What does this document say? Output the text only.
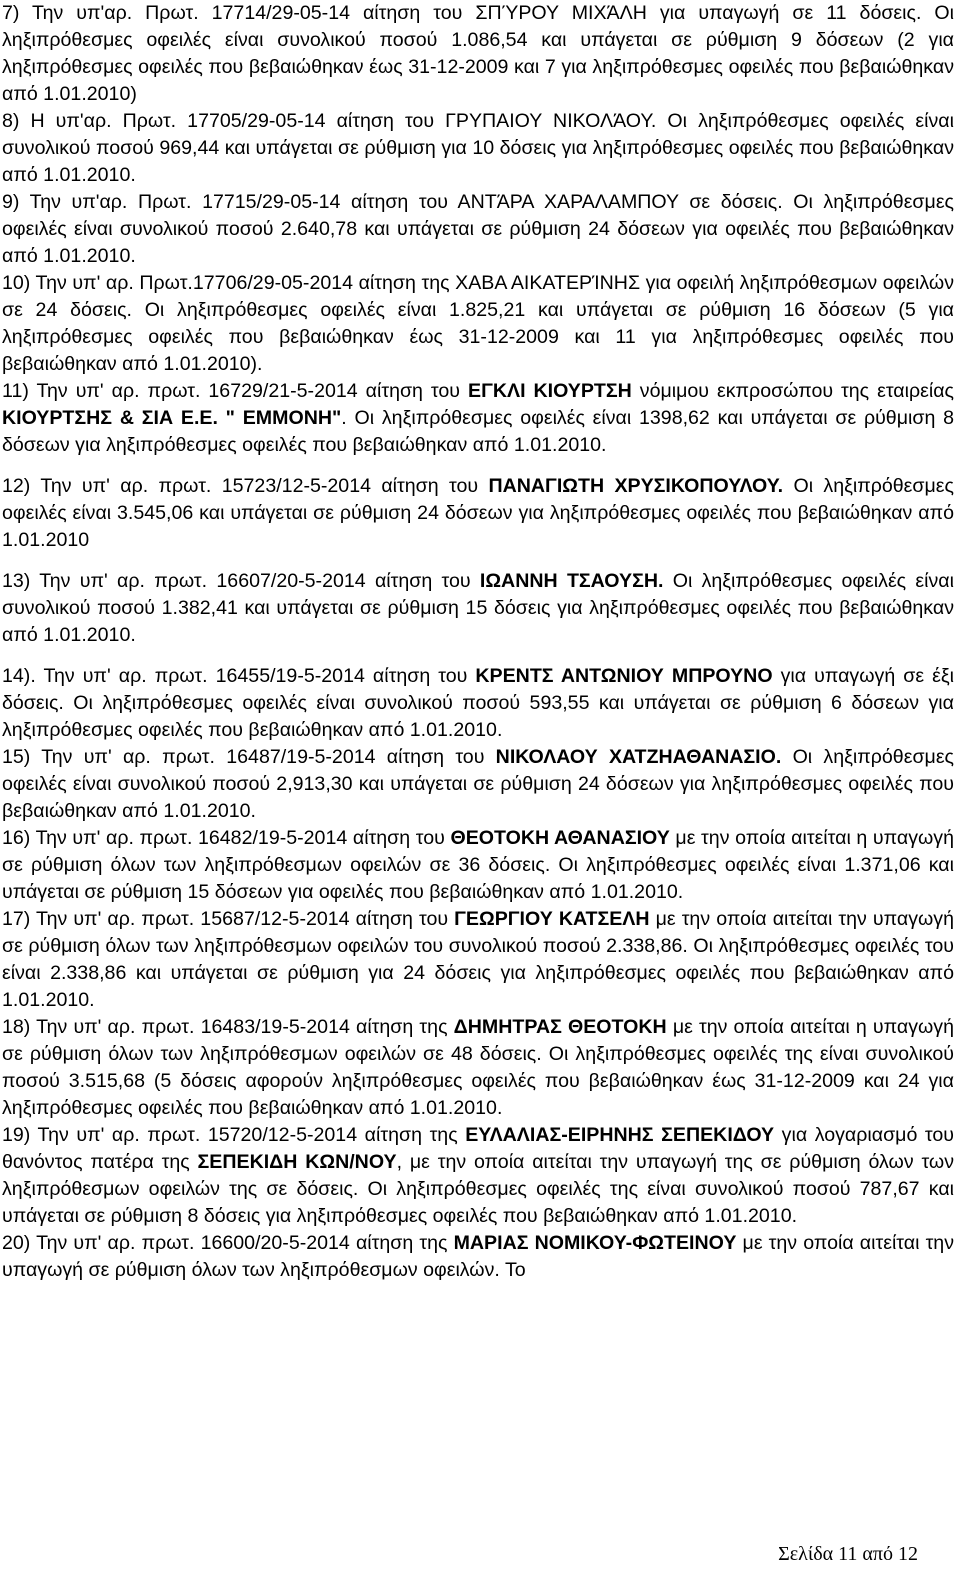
7) Την υπ'αρ. Πρωτ. 17714/29-05-14 αίτηση του ΣΠΎΡΟΥ ΜΙΧΆΛΗ για υπαγωγή σε 11 δόσεις. Οι ληξιπρόθεσμες οφειλές είναι συνολικού ποσού 1.086,54 και υπάγεται σε ρύθμιση 9 δόσεων (2 για ληξιπρόθεσμες οφειλές που βεβαιώθηκαν έως 31-12-2009 και 7 για ληξιπρόθεσμες οφειλές που βεβαιώθηκαν από 1.01.2010)

8) Η υπ'αρ. Πρωτ. 17705/29-05-14 αίτηση του ΓΡΥΠΑΙΟΥ ΝΙΚΟΛΆΟΥ. Οι ληξιπρόθεσμες οφειλές είναι συνολικού ποσού 969,44 και υπάγεται σε ρύθμιση για 10 δόσεις για ληξιπρόθεσμες οφειλές που βεβαιώθηκαν από 1.01.2010.

9) Την υπ'αρ. Πρωτ. 17715/29-05-14 αίτηση του ΑΝΤΆΡΑ ΧΑΡΑΛΑΜΠΟΥ σε δόσεις. Οι ληξιπρόθεσμες οφειλές είναι συνολικού ποσού 2.640,78 και υπάγεται σε ρύθμιση 24 δόσεων για οφειλές που βεβαιώθηκαν από 1.01.2010.

10) Την υπ' αρ. Πρωτ.17706/29-05-2014 αίτηση της ΧΑΒΑ ΑΙΚΑΤΕΡΊΝΗΣ για οφειλή ληξιπρόθεσμων οφειλών σε 24 δόσεις. Οι ληξιπρόθεσμες οφειλές είναι 1.825,21 και υπάγεται σε ρύθμιση 16 δόσεων (5 για ληξιπρόθεσμες οφειλές που βεβαιώθηκαν έως 31-12-2009 και 11 για ληξιπρόθεσμες οφειλές που βεβαιώθηκαν από 1.01.2010).

11) Την υπ' αρ. πρωτ. 16729/21-5-2014 αίτηση του ΕΓΚΛΙ ΚΙΟΥΡΤΣΗ νόμιμου εκπροσώπου της εταιρείας ΚΙΟΥΡΤΣΗΣ & ΣΙΑ Ε.Ε. " ΕΜΜΟΝΗ". Οι ληξιπρόθεσμες οφειλές είναι 1398,62 και υπάγεται σε ρύθμιση 8 δόσεων για ληξιπρόθεσμες οφειλές που βεβαιώθηκαν από 1.01.2010.

12) Την υπ' αρ. πρωτ. 15723/12-5-2014 αίτηση του ΠΑΝΑΓΙΩΤΗ ΧΡΥΣΙΚΟΠΟΥΛΟΥ. Οι ληξιπρόθεσμες οφειλές είναι 3.545,06 και υπάγεται σε ρύθμιση 24 δόσεων για ληξιπρόθεσμες οφειλές που βεβαιώθηκαν από 1.01.2010

13) Την υπ' αρ. πρωτ. 16607/20-5-2014 αίτηση του ΙΩΑΝΝΗ ΤΣΑΟΥΣΗ. Οι ληξιπρόθεσμες οφειλές είναι συνολικού ποσού 1.382,41 και υπάγεται σε ρύθμιση 15 δόσεις για ληξιπρόθεσμες οφειλές που βεβαιώθηκαν από 1.01.2010.

14). Την υπ' αρ. πρωτ. 16455/19-5-2014 αίτηση του ΚΡΕΝΤΣ ΑΝΤΩΝΙΟΥ ΜΠΡΟΥΝΟ για υπαγωγή σε έξι δόσεις. Οι ληξιπρόθεσμες οφειλές είναι συνολικού ποσού 593,55 και υπάγεται σε ρύθμιση 6 δόσεων για ληξιπρόθεσμες οφειλές που βεβαιώθηκαν από 1.01.2010.

15) Την υπ' αρ. πρωτ. 16487/19-5-2014 αίτηση του ΝΙΚΟΛΑΟΥ ΧΑΤΖΗΑΘΑΝΑΣΙΟ. Οι ληξιπρόθεσμες οφειλές είναι συνολικού ποσού 2,913,30 και υπάγεται σε ρύθμιση 24 δόσεων για ληξιπρόθεσμες οφειλές που βεβαιώθηκαν από 1.01.2010.

16) Την υπ' αρ. πρωτ. 16482/19-5-2014 αίτηση του ΘΕΟΤΟΚΗ ΑΘΑΝΑΣΙΟΥ με την οποία αιτείται η υπαγωγή σε ρύθμιση όλων των ληξιπρόθεσμων οφειλών σε 36 δόσεις. Οι ληξιπρόθεσμες οφειλές είναι 1.371,06 και υπάγεται σε ρύθμιση 15 δόσεων για οφειλές που βεβαιώθηκαν από 1.01.2010.

17) Την υπ' αρ. πρωτ. 15687/12-5-2014 αίτηση του ΓΕΩΡΓΙΟΥ ΚΑΤΣΕΛΗ με την οποία αιτείται την υπαγωγή σε ρύθμιση όλων των ληξιπρόθεσμων οφειλών του συνολικού ποσού 2.338,86. Οι ληξιπρόθεσμες οφειλές του είναι 2.338,86 και υπάγεται σε ρύθμιση για 24 δόσεις για ληξιπρόθεσμες οφειλές που βεβαιώθηκαν από 1.01.2010.

18) Την υπ' αρ. πρωτ. 16483/19-5-2014 αίτηση της ΔΗΜΗΤΡΑΣ ΘΕΟΤΟΚΗ με την οποία αιτείται η υπαγωγή σε ρύθμιση όλων των ληξιπρόθεσμων οφειλών σε 48 δόσεις. Οι ληξιπρόθεσμες οφειλές της είναι συνολικού ποσού 3.515,68 (5 δόσεις αφορούν ληξιπρόθεσμες οφειλές που βεβαιώθηκαν έως 31-12-2009 και 24 για ληξιπρόθεσμες οφειλές που βεβαιώθηκαν από 1.01.2010.

19) Την υπ' αρ. πρωτ. 15720/12-5-2014 αίτηση της ΕΥΛΑΛΙΑΣ-ΕΙΡΗΝΗΣ ΣΕΠΕΚΙΔΟΥ για λογαριασμό του θανόντος πατέρα της ΣΕΠΕΚΙΔΗ ΚΩΝ/ΝΟΥ, με την οποία αιτείται την υπαγωγή της σε ρύθμιση όλων των ληξιπρόθεσμων οφειλών της σε δόσεις. Οι ληξιπρόθεσμες οφειλές της είναι συνολικού ποσού 787,67 και υπάγεται σε ρύθμιση 8 δόσεις για ληξιπρόθεσμες οφειλές που βεβαιώθηκαν από 1.01.2010.

20) Την υπ' αρ. πρωτ. 16600/20-5-2014 αίτηση της ΜΑΡΙΑΣ ΝΟΜΙΚΟΥ-ΦΩΤΕΙΝΟΥ με την οποία αιτείται την υπαγωγή σε ρύθμιση όλων των ληξιπρόθεσμων οφειλών. Το

Σελίδα 11 από 12
